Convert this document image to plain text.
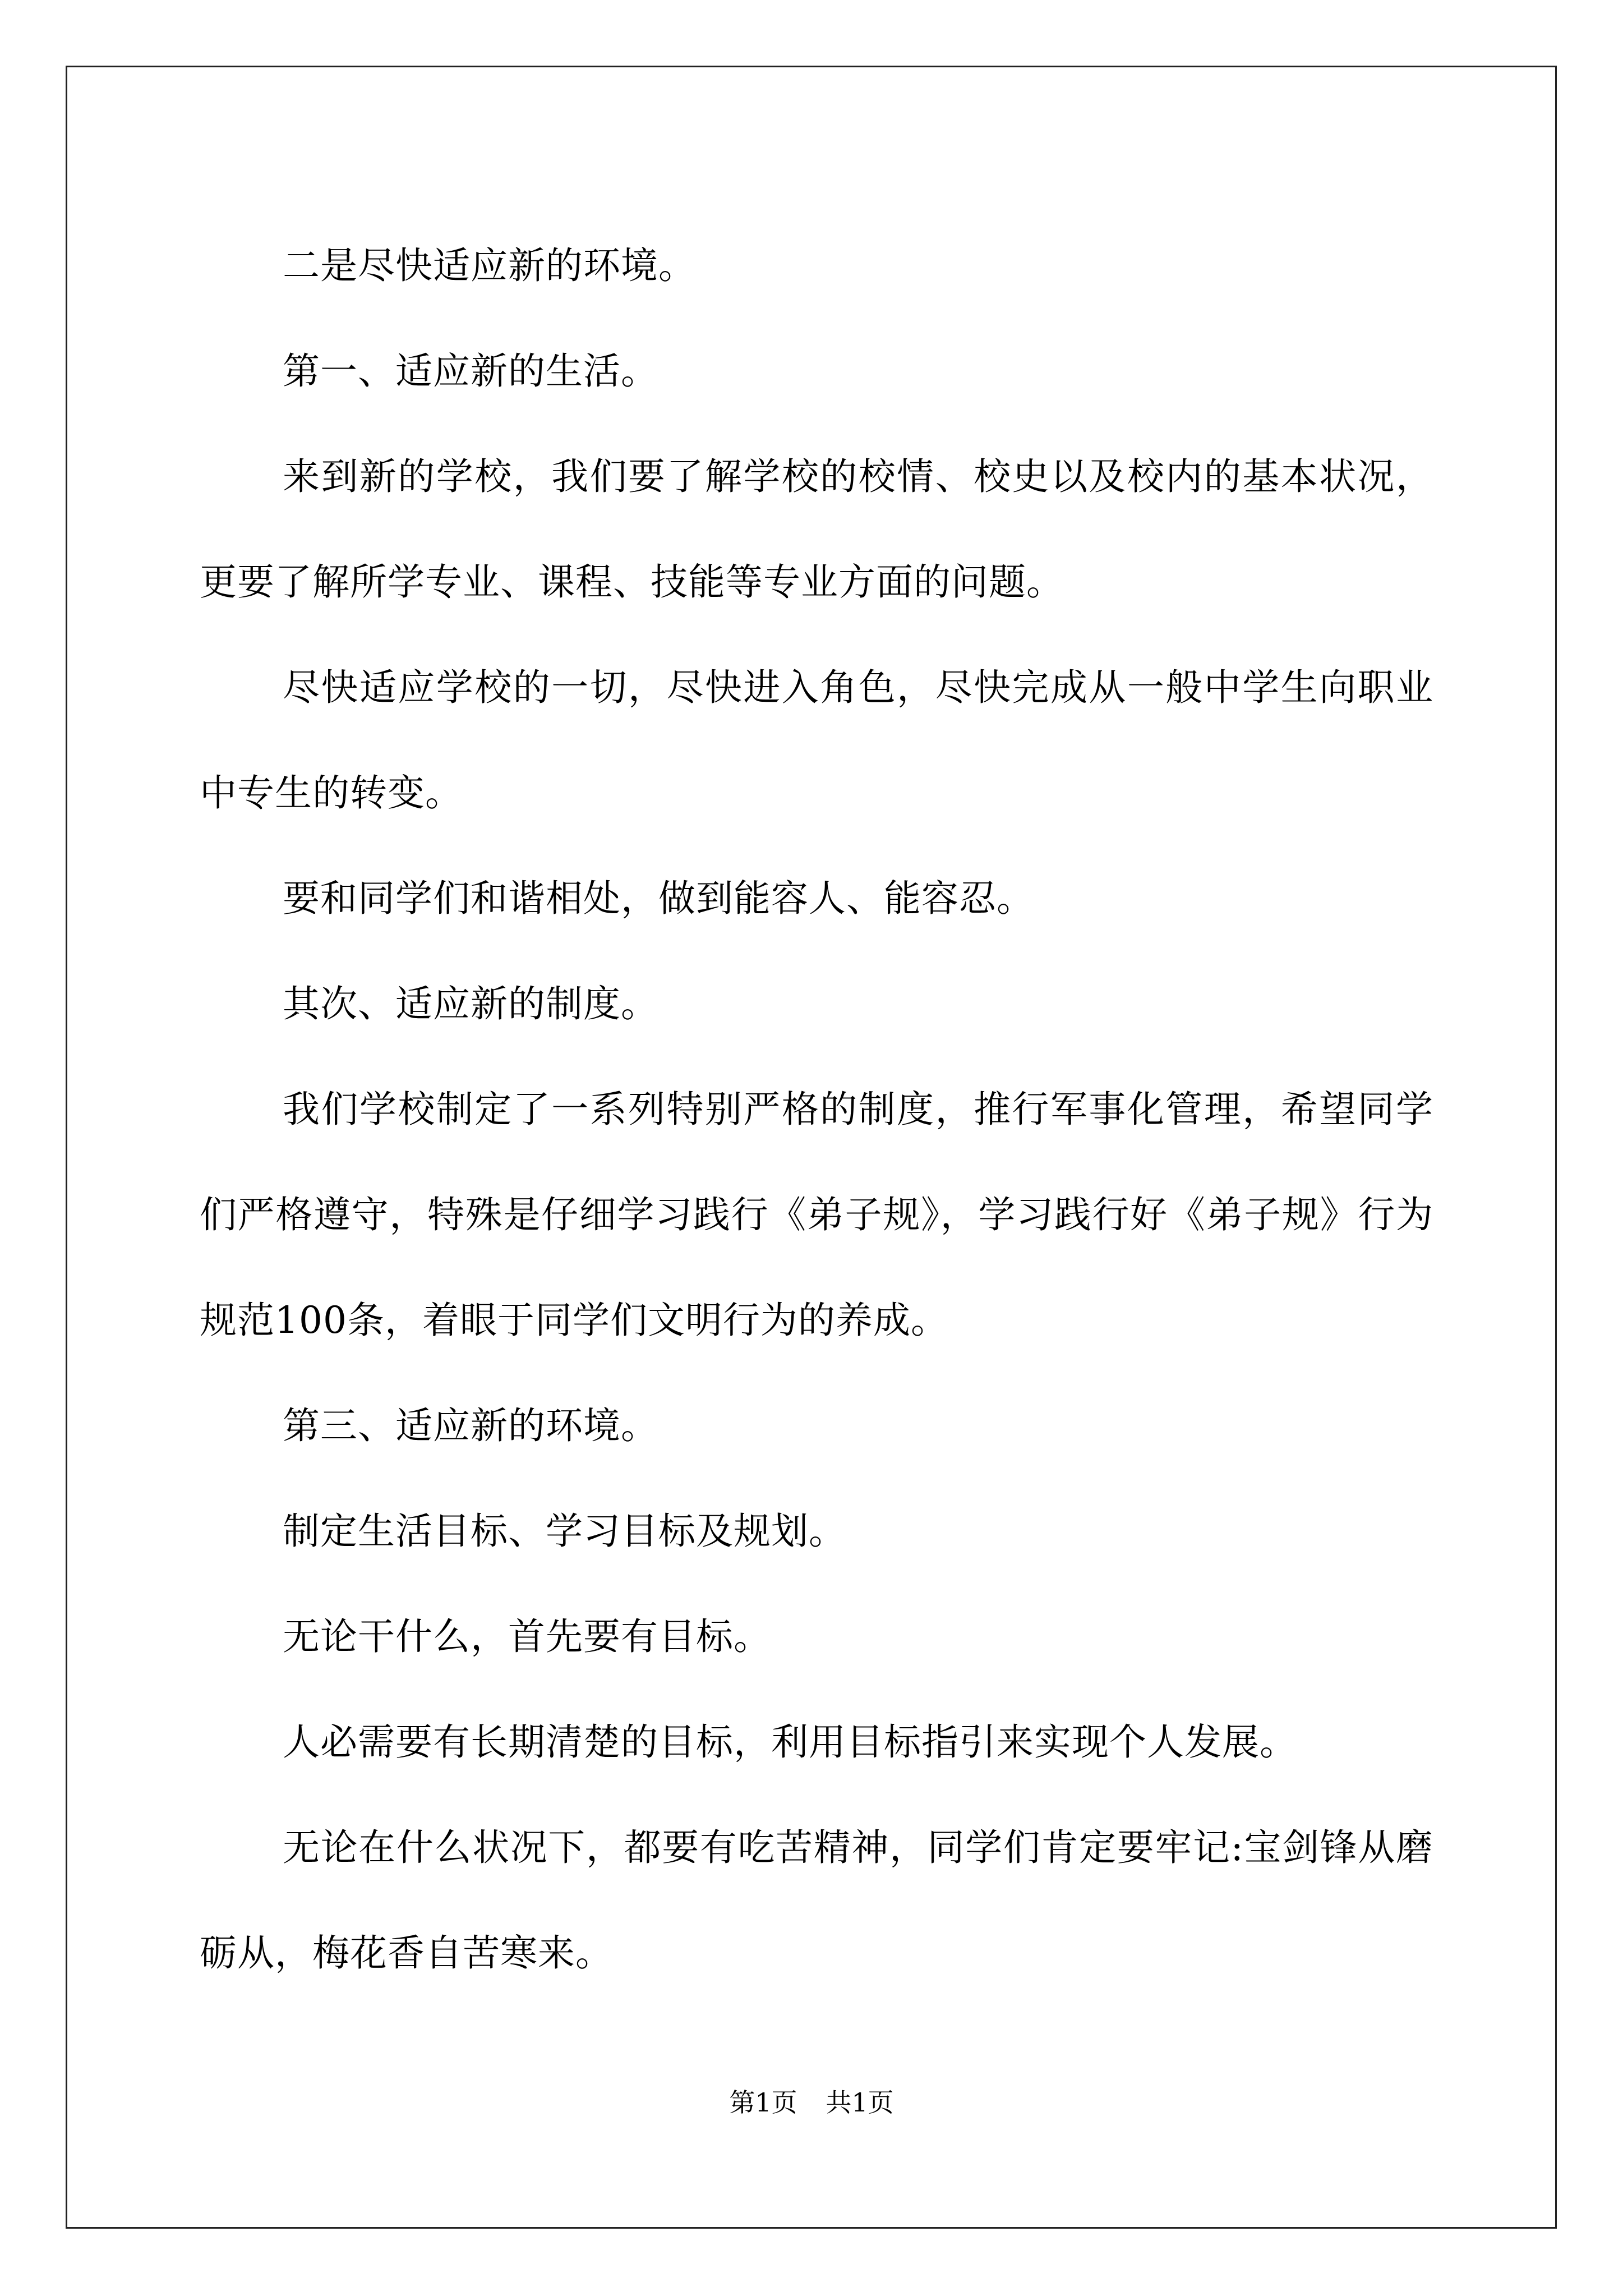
二是尽快适应新的环境。

第一、适应新的生活。

来到新的学校，我们要了解学校的校情、校史以及校内的基本状况，更要了解所学专业、课程、技能等专业方面的问题。

尽快适应学校的一切，尽快进入角色，尽快完成从一般中学生向职业中专生的转变。

要和同学们和谐相处，做到能容人、能容忍。

其次、适应新的制度。

我们学校制定了一系列特别严格的制度，推行军事化管理，希望同学们严格遵守，特殊是仔细学习践行《弟子规》，学习践行好《弟子规》行为规范100条，着眼于同学们文明行为的养成。

第三、适应新的环境。

制定生活目标、学习目标及规划。

无论干什么，首先要有目标。

人必需要有长期清楚的目标，利用目标指引来实现个人发展。

无论在什么状况下，都要有吃苦精神，同学们肯定要牢记:宝剑锋从磨砺从，梅花香自苦寒来。

第1页 共1页
